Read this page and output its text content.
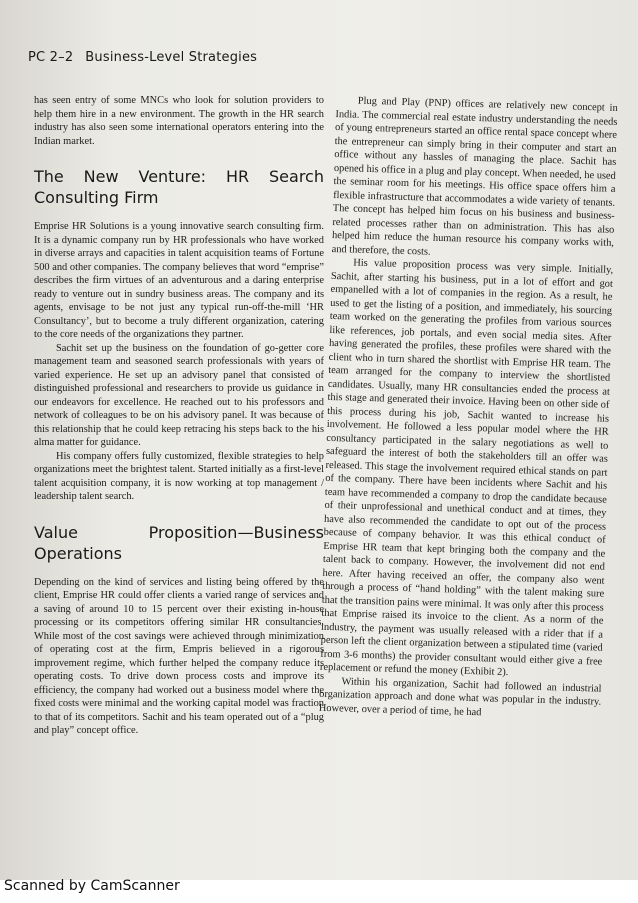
PC 2–2 Business-Level Strategies

has seen entry of some MNCs who look for solution providers to help them hire in a new environment. The growth in the HR search industry has also seen some international operators entering into the Indian market.

The New Venture: HR Search Consulting Firm

Emprise HR Solutions is a young innovative search consulting firm. It is a dynamic company run by HR professionals who have worked in diverse arrays and capacities in talent acquisition teams of Fortune 500 and other companies. The company believes that word “emprise” describes the firm virtues of an adventurous and a daring enterprise ready to venture out in sundry business areas. The company and its agents, envisage to be not just any typical run-off-the-mill ‘HR Consultancy’, but to become a truly different organization, catering to the core needs of the organizations they partner.

Sachit set up the business on the foundation of go-getter core management team and seasoned search professionals with years of varied experience. He set up an advisory panel that consisted of distinguished professional and researchers to provide us guidance in our endeavors for excellence. He reached out to his professors and network of colleagues to be on his advisory panel. It was because of this relationship that he could keep retracing his steps back to the his alma matter for guidance.

His company offers fully customized, flexible strategies to help organizations meet the brightest talent. Started initially as a first-level talent acquisition company, it is now working at top management / leadership talent search.

Value Proposition—Business Operations

Depending on the kind of services and listing being offered by the client, Emprise HR could offer clients a varied range of services and a saving of around 10 to 15 percent over their existing in-house processing or its competitors offering similar HR consultancies. While most of the cost savings were achieved through minimization of operating cost at the firm, Empris believed in a rigorous improvement regime, which further helped the company reduce its operating costs. To drive down process costs and improve its efficiency, the company had worked out a business model where the fixed costs were minimal and the working capital model was fraction to that of its competitors. Sachit and his team operated out of a “plug and play” concept office.

Plug and Play (PNP) offices are relatively new concept in India. The commercial real estate industry understanding the needs of young entrepreneurs started an office rental space concept where the entrepreneur can simply bring in their computer and start an office without any hassles of managing the place. Sachit has opened his office in a plug and play concept. When needed, he used the seminar room for his meetings. His office space offers him a flexible infrastructure that accommodates a wide variety of tenants. The concept has helped him focus on his business and business-related processes rather than on administration. This has also helped him reduce the human resource his company works with, and therefore, the costs.

His value proposition process was very simple. Initially, Sachit, after starting his business, put in a lot of effort and got empanelled with a lot of companies in the region. As a result, he used to get the listing of a position, and immediately, his sourcing team worked on the generating the profiles from various sources like references, job portals, and even social media sites. After having generated the profiles, these profiles were shared with the client who in turn shared the shortlist with Emprise HR team. The team arranged for the company to interview the shortlisted candidates. Usually, many HR consultancies ended the process at this stage and generated their invoice. Having been on other side of this process during his job, Sachit wanted to increase his involvement. He followed a less popular model where the HR consultancy participated in the salary negotiations as well to safeguard the interest of both the stakeholders till an offer was released. This stage the involvement required ethical stands on part of the company. There have been incidents where Sachit and his team have recommended a company to drop the candidate because of their unprofessional and unethical conduct and at times, they have also recommended the candidate to opt out of the process because of company behavior. It was this ethical conduct of Emprise HR team that kept bringing both the company and the talent back to company. However, the involvement did not end here. After having received an offer, the company also went through a process of “hand holding” with the talent making sure that the transition pains were minimal. It was only after this process that Emprise raised its invoice to the client. As a norm of the industry, the payment was usually released with a rider that if a person left the client organization between a stipulated time (varied from 3-6 months) the provider consultant would either give a free replacement or refund the money (Exhibit 2).

Within his organization, Sachit had followed an industrial organization approach and done what was popular in the industry. However, over a period of time, he had

Scanned by CamScanner
